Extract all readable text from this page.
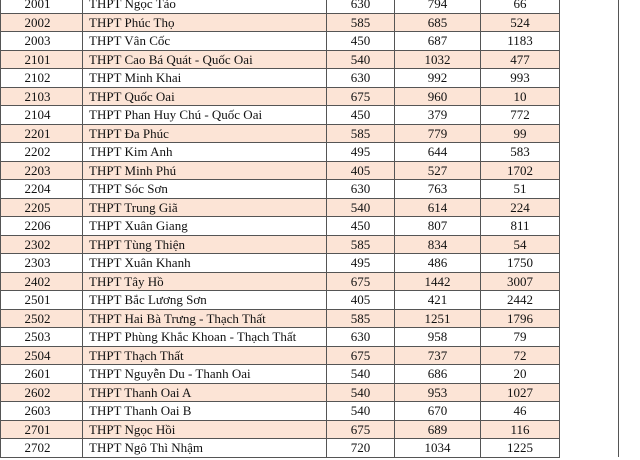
2001	THPT Ngọc Tảo	630	794	66		
2002	THPT Phúc Thọ	585	685	524		
2003	THPT Vân Cốc	450	687	1183		
2101	THPT Cao Bá Quát - Quốc Oai	540	1032	477		
2102	THPT Minh Khai	630	992	993		
2103	THPT Quốc Oai	675	960	10		
2104	THPT Phan Huy Chú - Quốc Oai	450	379	772		
2201	THPT Đa Phúc	585	779	99		
2202	THPT Kim Anh	495	644	583		
2203	THPT Minh Phú	405	527	1702		
2204	THPT Sóc Sơn	630	763	51		
2205	THPT Trung Giã	540	614	224		
2206	THPT Xuân Giang	450	807	811		
2302	THPT Tùng Thiện	585	834	54		
2303	THPT Xuân Khanh	495	486	1750		
2402	THPT Tây Hồ	675	1442	3007		
2501	THPT Bắc Lương Sơn	405	421	2442		
2502	THPT Hai Bà Trưng - Thạch Thất	585	1251	1796		
2503	THPT Phùng Khắc Khoan - Thạch Thất	630	958	79		
2504	THPT Thạch Thất	675	737	72		
2601	THPT Nguyễn Du - Thanh Oai	540	686	20		
2602	THPT Thanh Oai A	540	953	1027		
2603	THPT Thanh Oai B	540	670	46		
2701	THPT Ngọc Hồi	675	689	116		
2702	THPT Ngô Thì Nhậm	720	1034	1225		
